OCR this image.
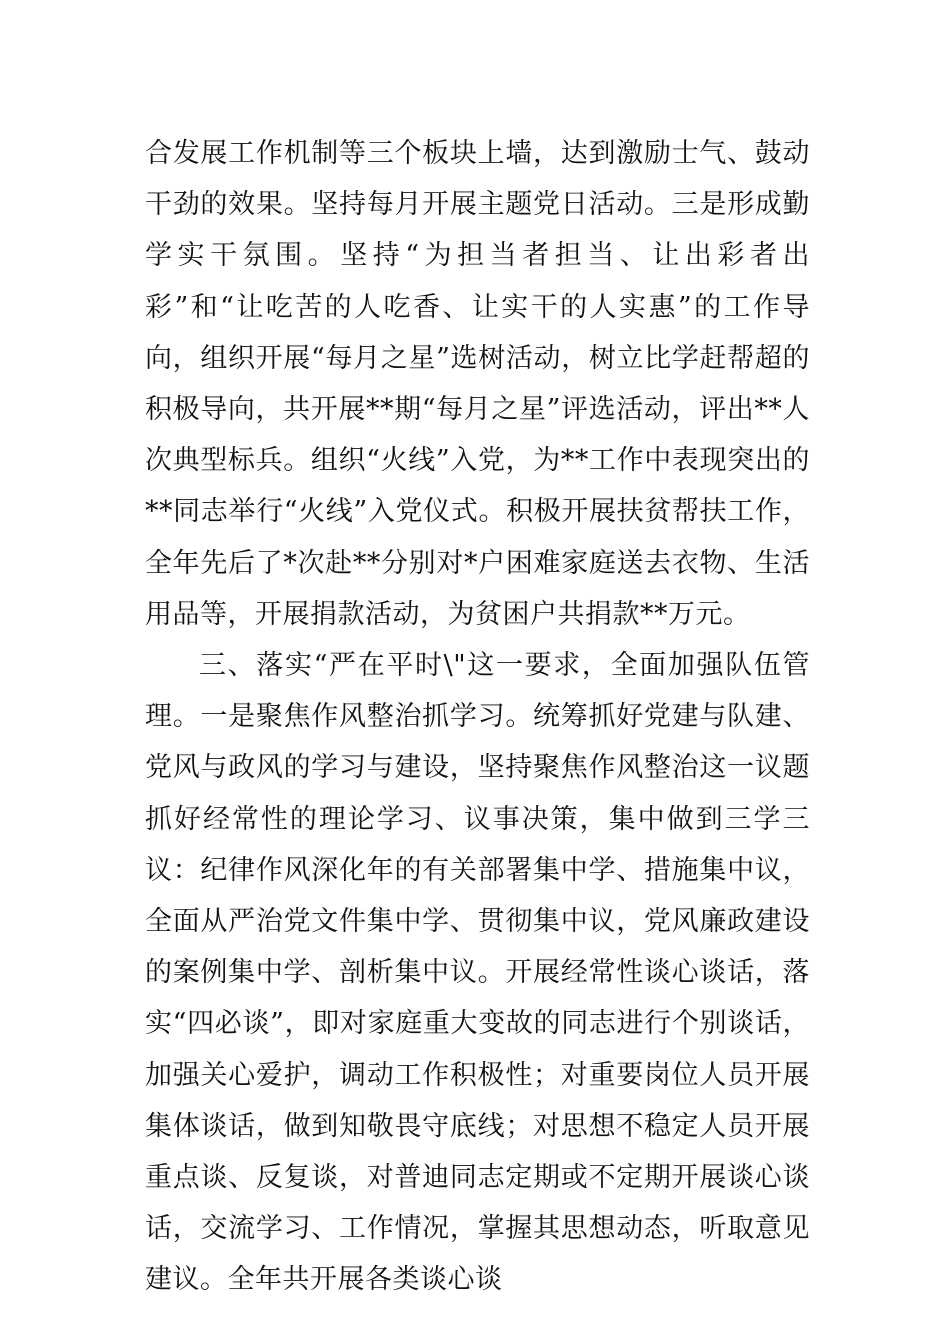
合发展工作机制等三个板块上墙，达到激励士气、鼓动干劲的效果。坚持每月开展主题党日活动。三是形成勤学实干氛围。坚持“为担当者担当、让出彩者出彩”和“让吃苦的人吃香、让实干的人实惠”的工作导向，组织开展“每月之星”选树活动，树立比学赶帮超的积极导向，共开展**期“每月之星”评选活动，评出**人次典型标兵。组织“火线”入党，为**工作中表现突出的**同志举行“火线”入党仪式。积极开展扶贫帮扶工作，全年先后了*次赴**分别对*户困难家庭送去衣物、生活用品等，开展捐款活动，为贫困户共捐款**万元。

三、落实“严在平时\"这一要求，全面加强队伍管理。一是聚焦作风整治抓学习。统筹抓好党建与队建、党风与政风的学习与建设，坚持聚焦作风整治这一议题抓好经常性的理论学习、议事决策，集中做到三学三议：纪律作风深化年的有关部署集中学、措施集中议，全面从严治党文件集中学、贯彻集中议，党风廉政建设的案例集中学、剖析集中议。开展经常性谈心谈话，落实“四必谈”，即对家庭重大变故的同志进行个别谈话，加强关心爱护，调动工作积极性；对重要岗位人员开展集体谈话，做到知敬畏守底线；对思想不稳定人员开展重点谈、反复谈，对普迪同志定期或不定期开展谈心谈话，交流学习、工作情况，掌握其思想动态，听取意见建议。全年共开展各类谈心谈
